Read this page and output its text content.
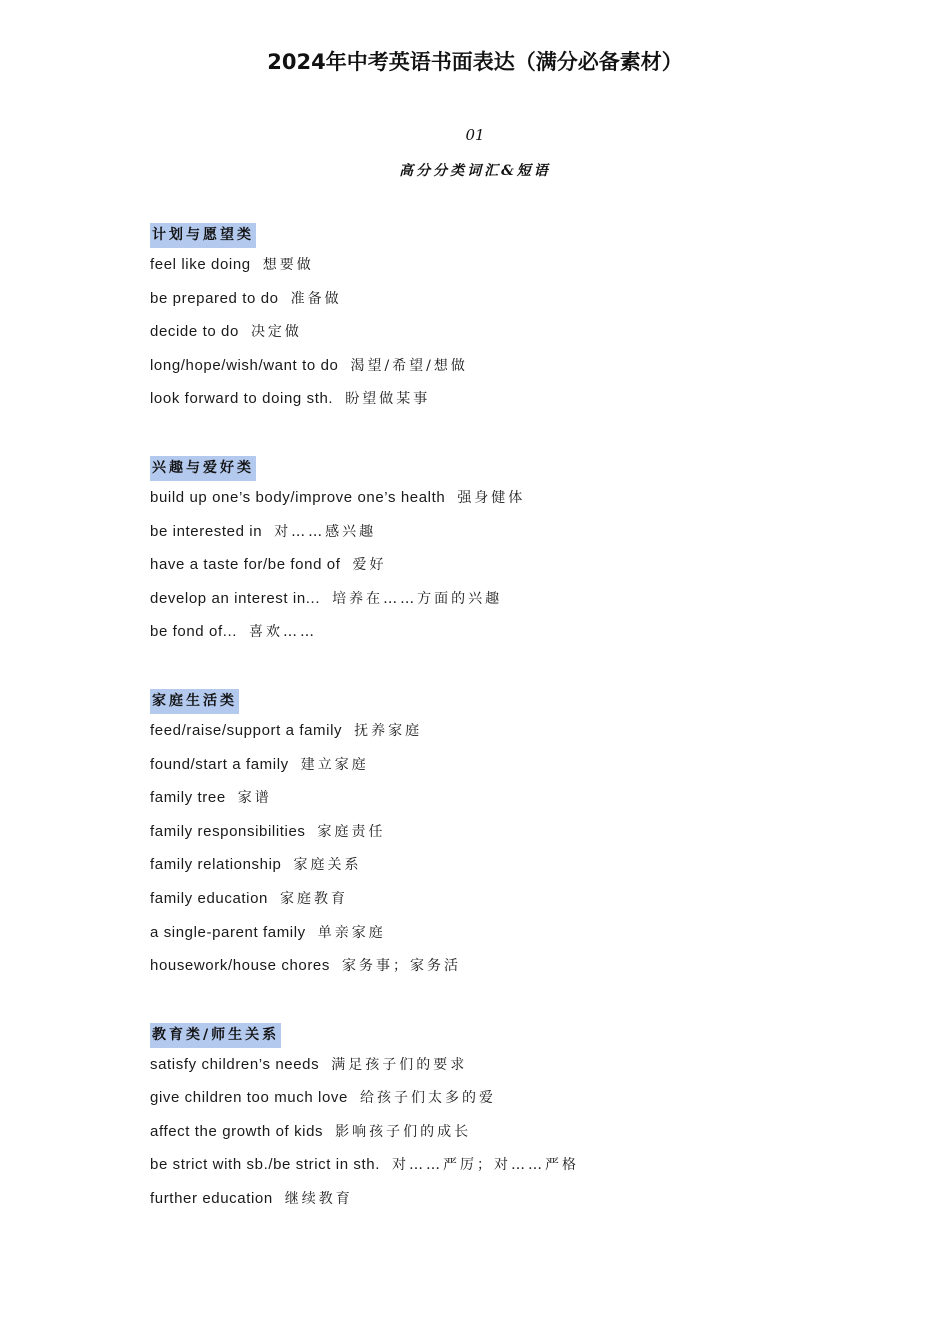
2024年中考英语书面表达（满分必备素材）
01
高分分类词汇&短语
计划与愿望类
feel like doing 想要做
be prepared to do 准备做
decide to do 决定做
long/hope/wish/want to do 渴望/希望/想做
look forward to doing sth. 盼望做某事
兴趣与爱好类
build up one’s body/improve one’s health 强身健体
be interested in 对……感兴趣
have a taste for/be fond of 爱好
develop an interest in... 培养在……方面的兴趣
be fond of... 喜欢……
家庭生活类
feed/raise/support a family 抚养家庭
found/start a family 建立家庭
family tree 家谱
family responsibilities 家庭责任
family relationship 家庭关系
family education 家庭教育
a single-parent family 单亲家庭
housework/house chores 家务事；家务活
教育类/师生关系
satisfy children’s needs 满足孩子们的要求
give children too much love 给孩子们太多的爱
affect the growth of kids 影响孩子们的成长
be strict with sb./be strict in sth. 对……严厉；对……严格
further education 继续教育
